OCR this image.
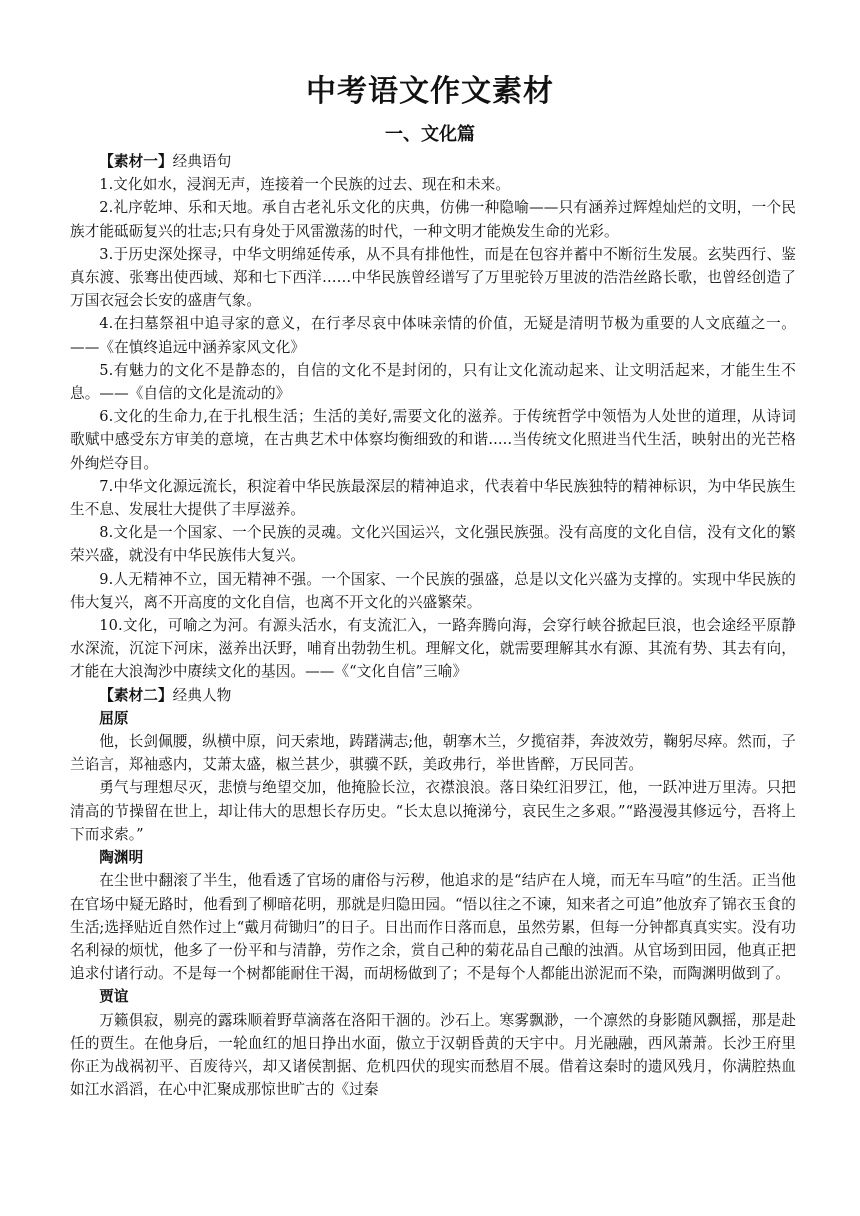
中考语文作文素材
一、文化篇

【素材一】经典语句

1.文化如水，浸润无声，连接着一个民族的过去、现在和未来。

2.礼序乾坤、乐和天地。承自古老礼乐文化的庆典，仿佛一种隐喻——只有涵养过辉煌灿烂的文明，一个民族才能砥砺复兴的壮志;只有身处于风雷激荡的时代，一种文明才能焕发生命的光彩。

3.于历史深处探寻，中华文明绵延传承，从不具有排他性，而是在包容并蓄中不断衍生发展。玄奘西行、鉴真东渡、张骞出使西域、郑和七下西洋……中华民族曾经谱写了万里驼铃万里波的浩浩丝路长歌，也曾经创造了万国衣冠会长安的盛唐气象。

4.在扫墓祭祖中追寻家的意义，在行孝尽哀中体味亲情的价值，无疑是清明节极为重要的人文底蕴之一。——《在慎终追远中涵养家风文化》

5.有魅力的文化不是静态的，自信的文化不是封闭的，只有让文化流动起来、让文明活起来，才能生生不息。——《自信的文化是流动的》

6.文化的生命力,在于扎根生活；生活的美好,需要文化的滋养。于传统哲学中领悟为人处世的道理，从诗词歌赋中感受东方审美的意境，在古典艺术中体察均衡细致的和谐.....当传统文化照进当代生活，映射出的光芒格外绚烂夺目。

7.中华文化源远流长，积淀着中华民族最深层的精神追求，代表着中华民族独特的精神标识，为中华民族生生不息、发展壮大提供了丰厚滋养。

8.文化是一个国家、一个民族的灵魂。文化兴国运兴，文化强民族强。没有高度的文化自信，没有文化的繁荣兴盛，就没有中华民族伟大复兴。

9.人无精神不立，国无精神不强。一个国家、一个民族的强盛，总是以文化兴盛为支撑的。实现中华民族的伟大复兴，离不开高度的文化自信，也离不开文化的兴盛繁荣。

10.文化，可喻之为河。有源头活水，有支流汇入，一路奔腾向海，会穿行峡谷掀起巨浪，也会途经平原静水深流，沉淀下河床，滋养出沃野，哺育出勃勃生机。理解文化，就需要理解其水有源、其流有势、其去有向，才能在大浪淘沙中赓续文化的基因。——《“文化自信”三喻》

【素材二】经典人物

屈原

他，长剑佩腰，纵横中原，问天索地，踌躇满志;他，朝搴木兰，夕揽宿莽，奔波效劳，鞠躬尽瘁。然而，子兰谄言，郑袖惑内，艾萧太盛，椒兰甚少，骐骥不跃，美政弗行，举世皆醉，万民同苦。

勇气与理想尽灭，悲愤与绝望交加，他掩脸长泣，衣襟浪浪。落日染红汨罗江，他，一跃冲进万里涛。只把清高的节操留在世上，却让伟大的思想长存历史。“长太息以掩涕兮，哀民生之多艰。”“路漫漫其修远兮，吾将上下而求索。”

陶渊明

在尘世中翻滚了半生，他看透了官场的庸俗与污秽，他追求的是“结庐在人境，而无车马喧”的生活。正当他在官场中疑无路时，他看到了柳暗花明，那就是归隐田园。“悟以往之不谏，知来者之可追”他放弃了锦衣玉食的生活;选择贴近自然作过上“戴月荷锄归”的日子。日出而作日落而息，虽然劳累，但每一分钟都真真实实。没有功名利禄的烦忧，他多了一份平和与清静，劳作之余，赏自己种的菊花品自己酿的浊酒。从官场到田园，他真正把追求付诸行动。不是每一个树都能耐住干渴，而胡杨做到了；不是每个人都能出淤泥而不染，而陶渊明做到了。

贾谊

万籁俱寂，剔亮的露珠顺着野草滴落在洛阳干涸的。沙石上。寒雾飘渺，一个凛然的身影随风飘摇，那是赴任的贾生。在他身后，一轮血红的旭日挣出水面，傲立于汉朝昏黄的天宇中。月光融融，西风萧萧。长沙王府里你正为战祸初平、百废待兴，却又诸侯割据、危机四伏的现实而愁眉不展。借着这秦时的遗风残月，你满腔热血如江水滔滔，在心中汇聚成那惊世旷古的《过秦
